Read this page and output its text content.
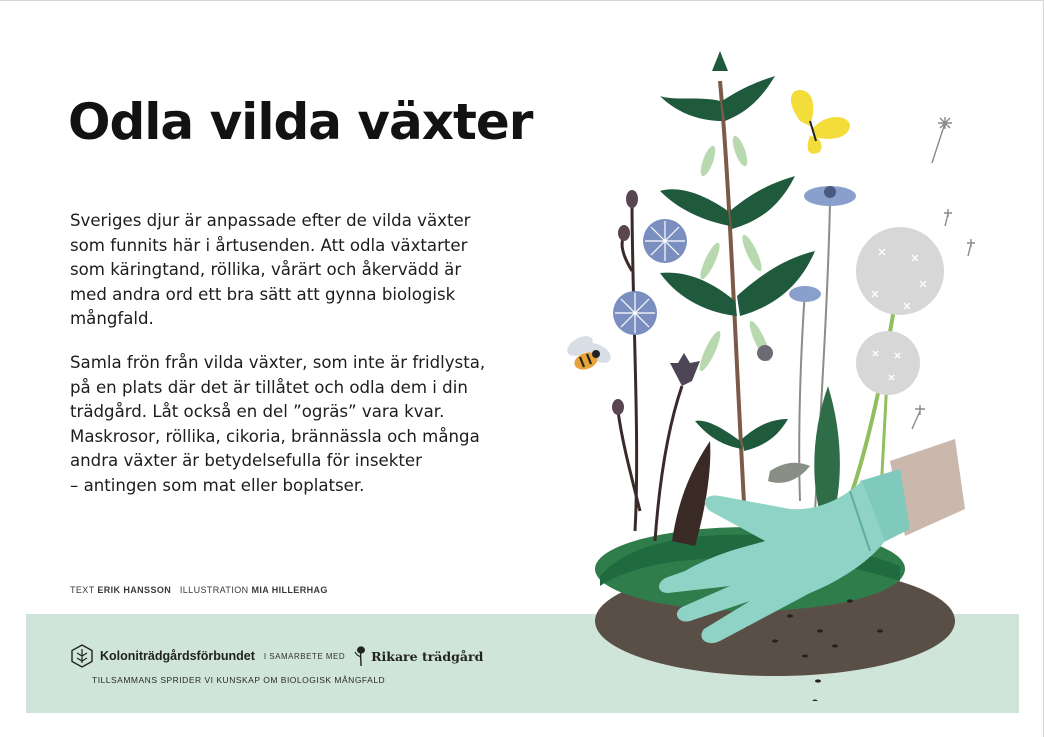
Odla vilda växter

Sveriges djur är anpassade efter de vilda växter
som funnits här i årtusenden. Att odla växtarter
som käringtand, röllika, vårärt och åkervädd är
med andra ord ett bra sätt att gynna biologisk
mångfald.

Samla frön från vilda växter, som inte är fridlysta,
på en plats där det är tillåtet och odla dem i din
trädgård. Låt också en del ”ogräs” vara kvar.
Maskrosor, röllika, cikoria, brännässla och många
andra växter är betydelsefulla för insekter
– antingen som mat eller boplatser.

TEXT ERIK HANSSON ILLUSTRATION MIA HILLERHAG
Koloniträdgårdsförbundet I SAMARBETE MED Rikare trädgård
TILLSAMMANS SPRIDER VI KUNSKAP OM BIOLOGISK MÅNGFALD
